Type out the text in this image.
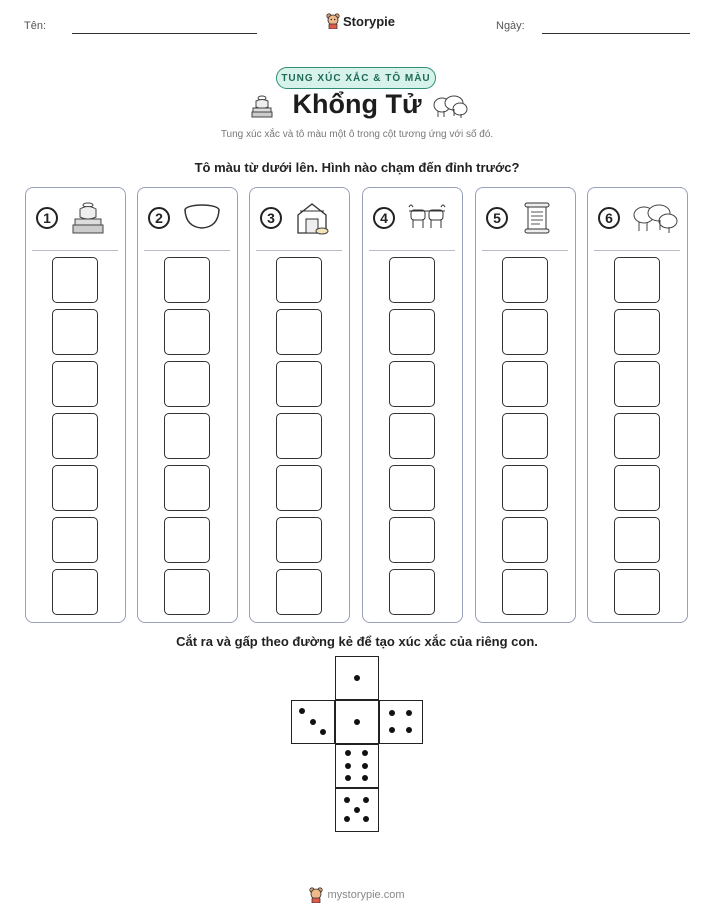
Tên:	Storypie	Ngày:
TUNG XÚC XẮC & TÔ MÀU
Khổng Tử
Tung xúc xắc và tô màu một ô trong cột tương ứng với số đó.
Tô màu từ dưới lên. Hình nào chạm đến đỉnh trước?
1	2	3	4	5	6
Cắt ra và gấp theo đường kẻ để tạo xúc xắc của riêng con.
mystorypie.com
